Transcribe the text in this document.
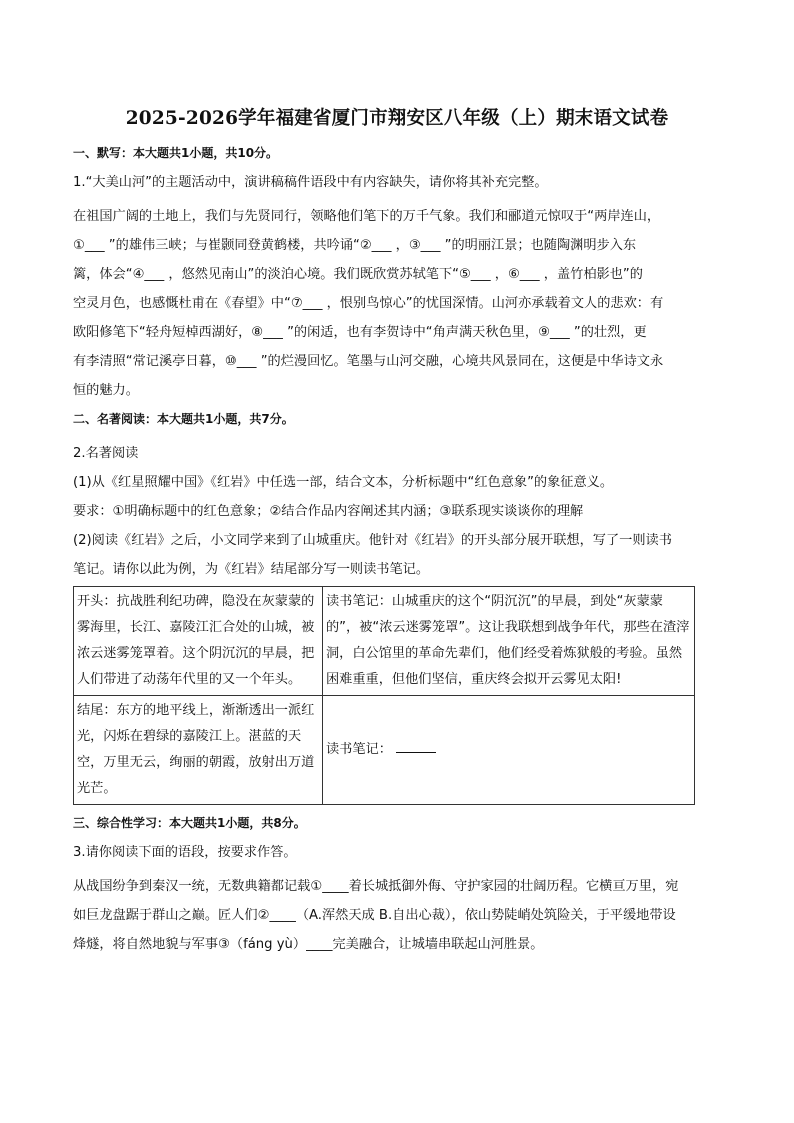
2025-2026学年福建省厦门市翔安区八年级（上）期末语文试卷
一、默写：本大题共1小题，共10分。
1.“大美山河”的主题活动中，演讲稿稿件语段中有内容缺失，请你将其补充完整。
在祖国广阔的土地上，我们与先贤同行，领略他们笔下的万千气象。我们和郦道元惊叹于“两岸连山，
①___ ”的雄伟三峡；与崔颢同登黄鹤楼，共吟诵“②___ ，③___ ”的明丽江景；也随陶渊明步入东
篱，体会“④___ ，悠然见南山”的淡泊心境。我们既欣赏苏轼笔下“⑤___ ，⑥___ ，盖竹柏影也”的
空灵月色，也感慨杜甫在《春望》中“⑦___ ，恨别鸟惊心”的忧国深情。山河亦承载着文人的悲欢：有
欧阳修笔下“轻舟短棹西湖好，⑧___ ”的闲适，也有李贺诗中“角声满天秋色里，⑨___ ”的壮烈，更
有李清照“常记溪亭日暮，⑩___ ”的烂漫回忆。笔墨与山河交融，心境共风景同在，这便是中华诗文永
恒的魅力。
二、名著阅读：本大题共1小题，共7分。
2.名著阅读
(1)从《红星照耀中国》《红岩》中任选一部，结合文本，分析标题中“红色意象”的象征意义。
要求：①明确标题中的红色意象；②结合作品内容阐述其内涵；③联系现实谈谈你的理解
(2)阅读《红岩》之后，小文同学来到了山城重庆。他针对《红岩》的开头部分展开联想，写了一则读书
笔记。请你以此为例，为《红岩》结尾部分写一则读书笔记。
开头：抗战胜利纪功碑，隐没在灰蒙蒙的雾海里，长江、嘉陵江汇合处的山城，被浓云迷雾笼罩着。这个阴沉沉的早晨，把人们带进了动荡年代里的又一个年头。	读书笔记：山城重庆的这个“阴沉沉”的早晨，到处“灰蒙蒙的”，被“浓云迷雾笼罩”。这让我联想到战争年代，那些在渣滓洞，白公馆里的革命先辈们，他们经受着炼狱般的考验。虽然困难重重，但他们坚信，重庆终会拟开云雾见太阳!
结尾：东方的地平线上，渐渐透出一派红光，闪烁在碧绿的嘉陵江上。湛蓝的天空，万里无云，绚丽的朝霞，放射出万道光芒。	读书笔记：
三、综合性学习：本大题共1小题，共8分。
3.请你阅读下面的语段，按要求作答。
从战国纷争到秦汉一统，无数典籍都记载①____着长城抵御外侮、守护家园的壮阔历程。它横亘万里，宛
如巨龙盘踞于群山之巅。匠人们②____（A.浑然天成 B.自出心裁），依山势陡峭处筑险关，于平缓地带设
烽燧，将自然地貌与军事③（fáng yù）____完美融合，让城墙串联起山河胜景。
